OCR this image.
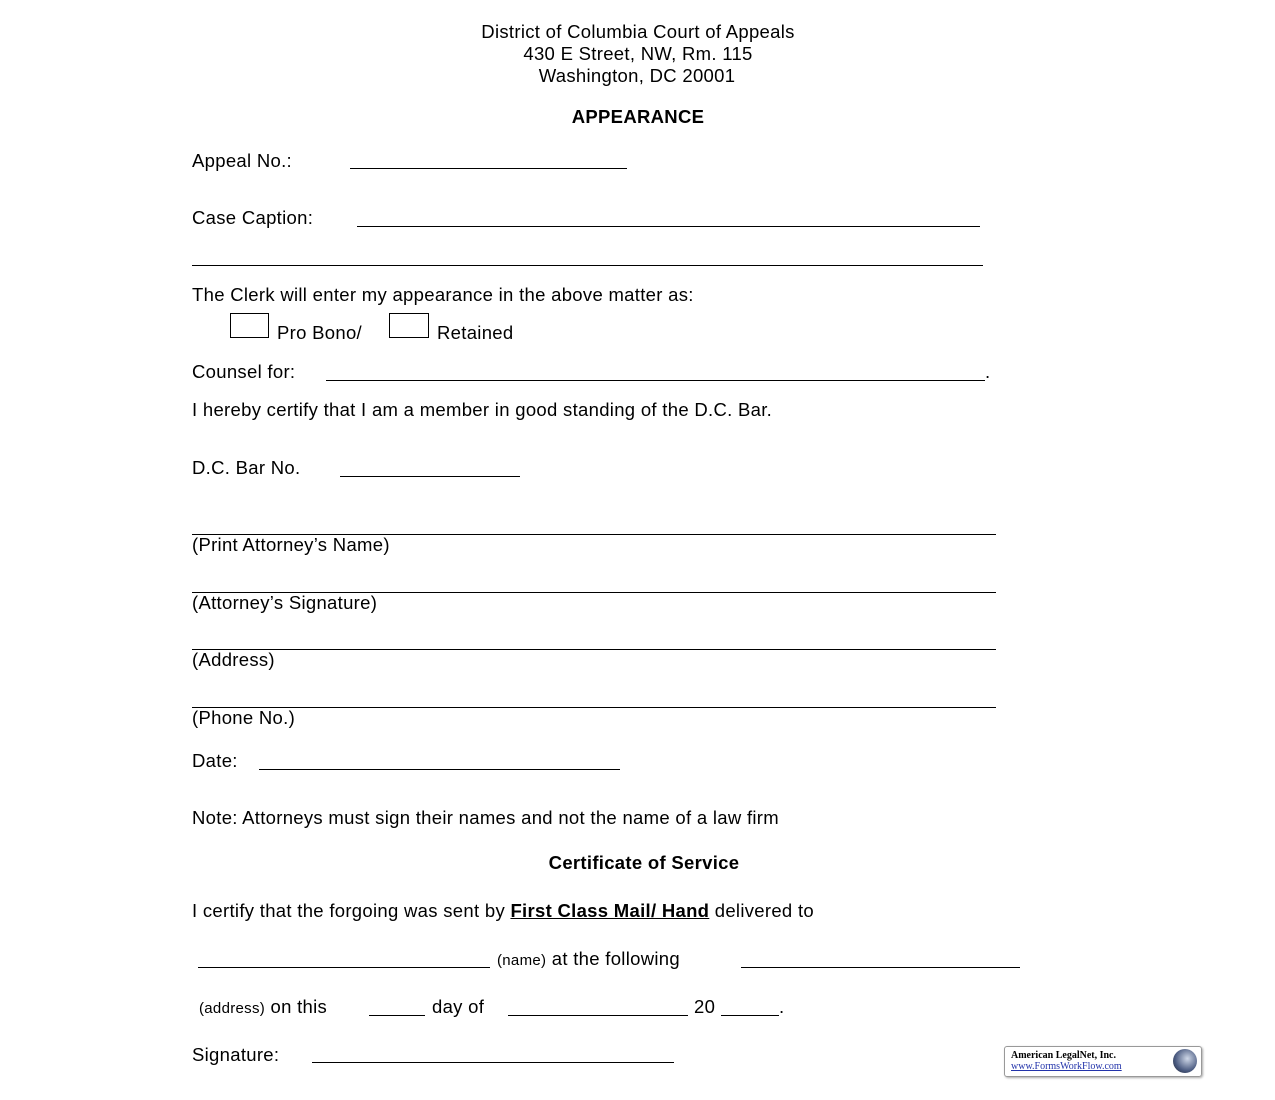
District of Columbia Court of Appeals
430 E Street, NW, Rm. 115
Washington, DC 20001
APPEARANCE
Appeal No.:
Case Caption:
The Clerk will enter my appearance in the above matter as:
Pro Bono/	Retained
Counsel for:	.
I hereby certify that I am a member in good standing of the D.C. Bar.
D.C. Bar No.
(Print Attorney’s Name)
(Attorney’s Signature)
(Address)
(Phone No.)
Date:
Note: Attorneys must sign their names and not the name of a law firm
Certificate of Service
I certify that the forgoing was sent by First Class Mail/ Hand delivered to
(name) at the following
(address) on this	day of	20	.
Signature:	American LegalNet, Inc.
www.FormsWorkFlow.com
